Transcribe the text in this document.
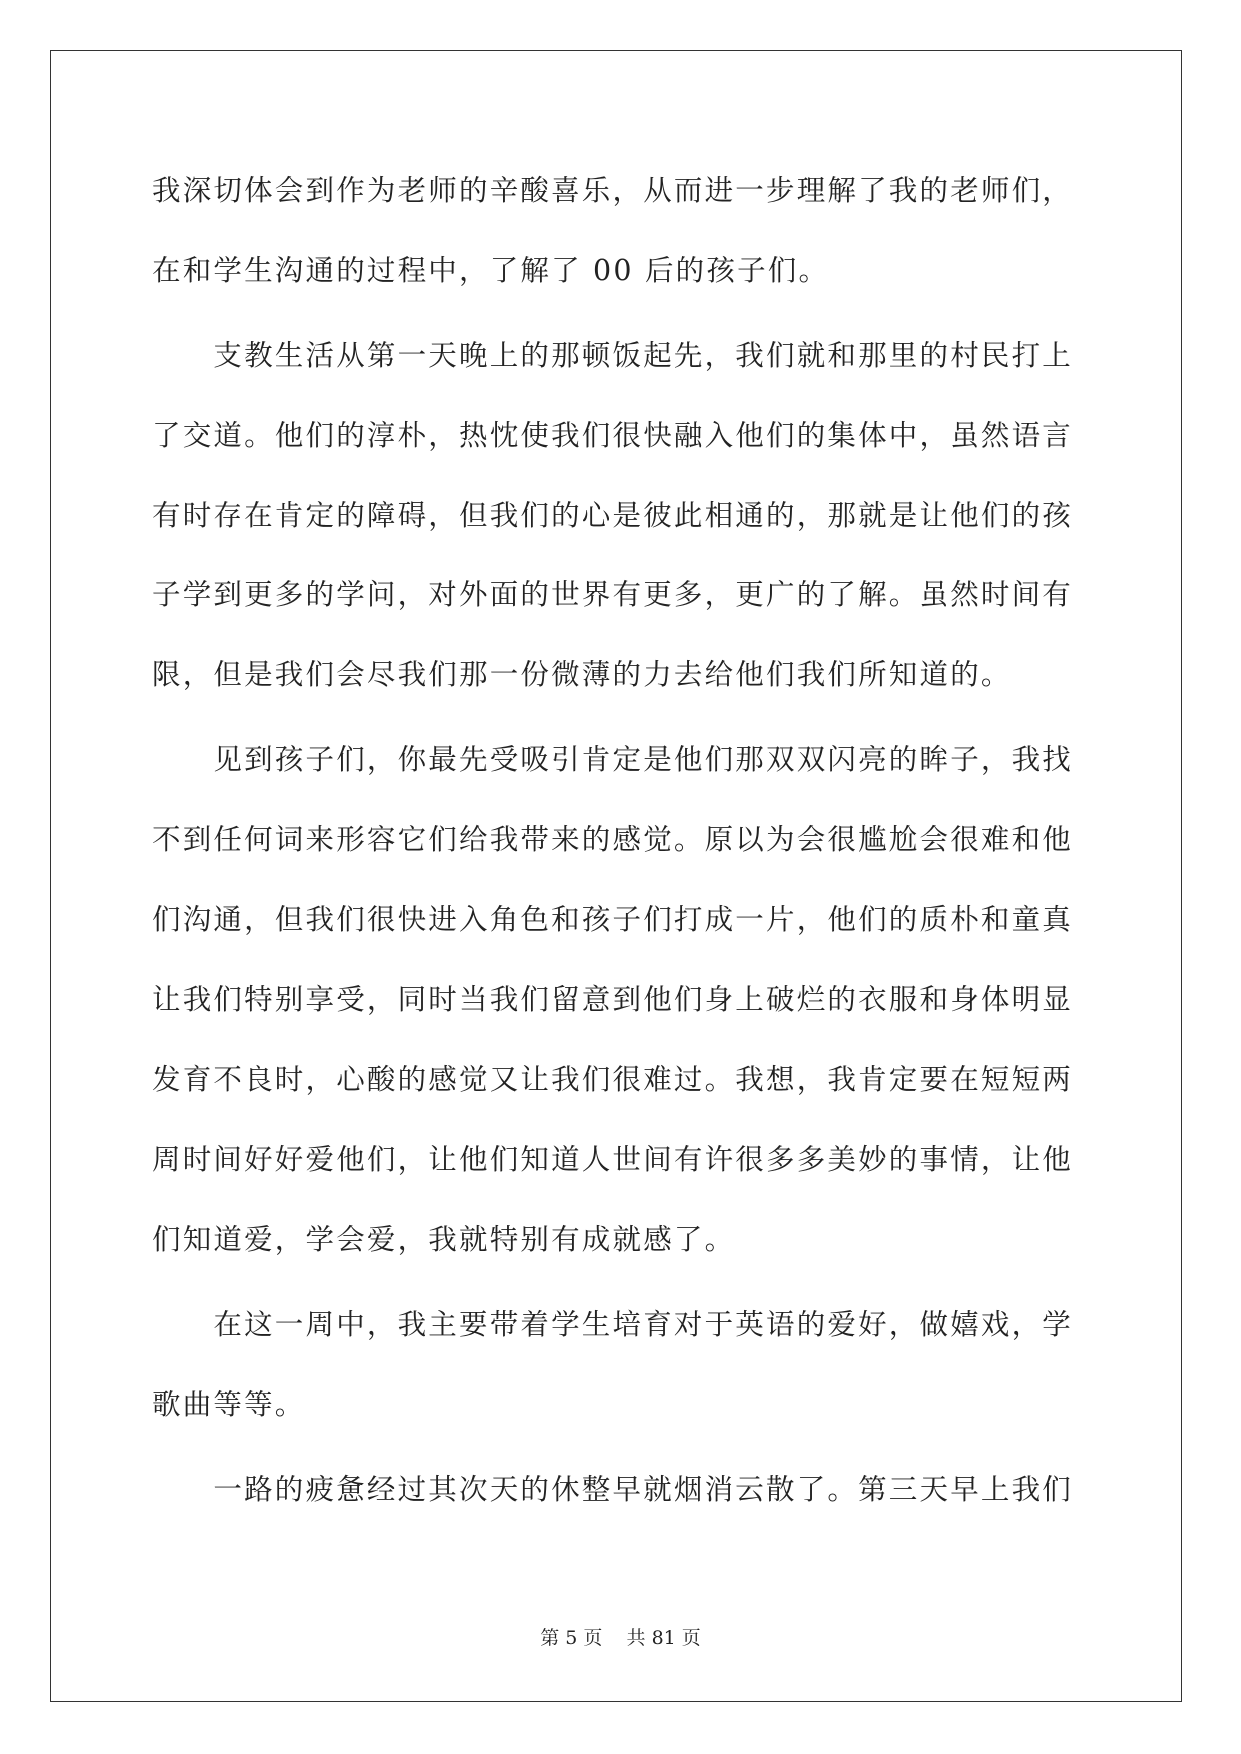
我深切体会到作为老师的辛酸喜乐，从而进一步理解了我的老师们，
在和学生沟通的过程中，了解了 00 后的孩子们。
　　支教生活从第一天晚上的那顿饭起先，我们就和那里的村民打上
了交道。他们的淳朴，热忱使我们很快融入他们的集体中，虽然语言
有时存在肯定的障碍，但我们的心是彼此相通的，那就是让他们的孩
子学到更多的学问，对外面的世界有更多，更广的了解。虽然时间有
限，但是我们会尽我们那一份微薄的力去给他们我们所知道的。
　　见到孩子们，你最先受吸引肯定是他们那双双闪亮的眸子，我找
不到任何词来形容它们给我带来的感觉。原以为会很尴尬会很难和他
们沟通，但我们很快进入角色和孩子们打成一片，他们的质朴和童真
让我们特别享受，同时当我们留意到他们身上破烂的衣服和身体明显
发育不良时，心酸的感觉又让我们很难过。我想，我肯定要在短短两
周时间好好爱他们，让他们知道人世间有许很多多美妙的事情，让他
们知道爱，学会爱，我就特别有成就感了。
　　在这一周中，我主要带着学生培育对于英语的爱好，做嬉戏，学
歌曲等等。
　　一路的疲惫经过其次天的休整早就烟消云散了。第三天早上我们
第 5 页 共 81 页
